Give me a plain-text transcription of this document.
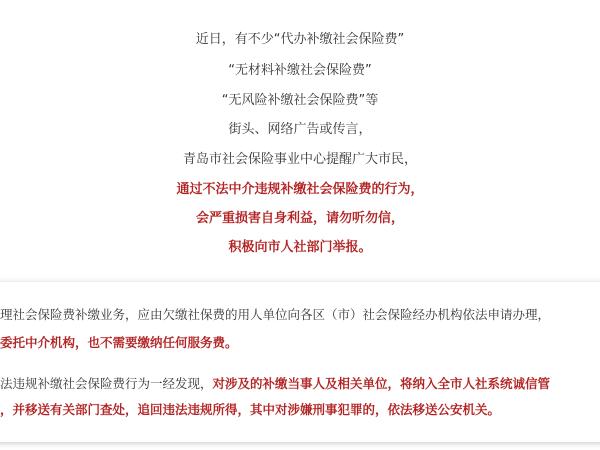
近日，有不少“代办补缴社会保险费”
“无材料补缴社会保险费”
“无风险补缴社会保险费”等
街头、网络广告或传言，
青岛市社会保险事业中心提醒广大市民，
通过不法中介违规补缴社会保险费的行为，
会严重损害自身利益，请勿听勿信，
积极向市人社部门举报。
理社会保险费补缴业务，应由欠缴社保费的用人单位向各区（市）社会保险经办机构依法申请办理，
委托中介机构，也不需要缴纳任何服务费。
法违规补缴社会保险费行为一经发现，对涉及的补缴当事人及相关单位，将纳入全市人社系统诚信管
，并移送有关部门查处，追回违法违规所得，其中对涉嫌刑事犯罪的，依法移送公安机关。
